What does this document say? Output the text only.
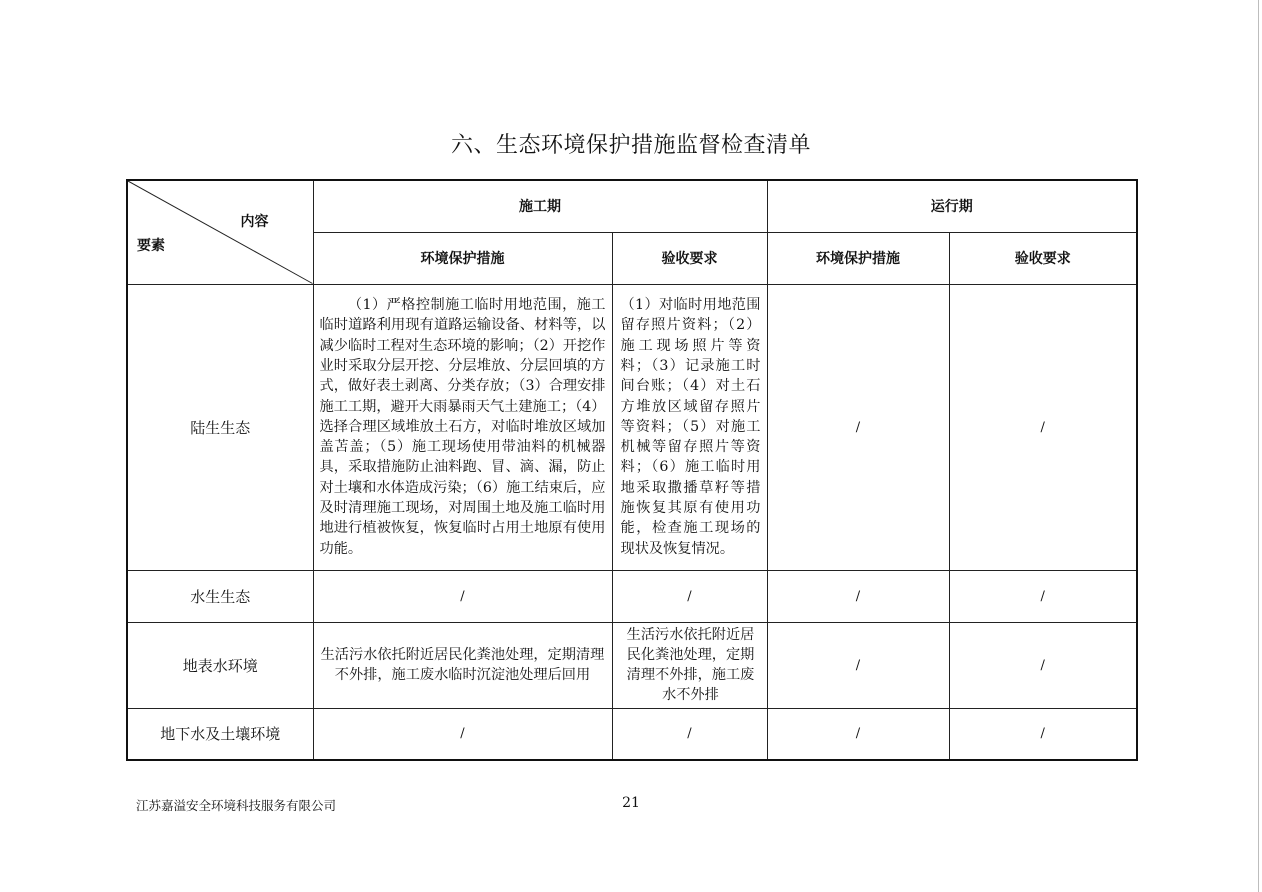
六、生态环境保护措施监督检查清单
内容
要素	施工期		运行期	
	环境保护措施	验收要求	环境保护措施	验收要求
陆生生态	（1）严格控制施工临时用地范围，施工临时道路利用现有道路运输设备、材料等，以减少临时工程对生态环境的影响；（2）开挖作业时采取分层开挖、分层堆放、分层回填的方式，做好表土剥离、分类存放；（3）合理安排施工工期，避开大雨暴雨天气土建施工；（4）选择合理区域堆放土石方，对临时堆放区域加盖苫盖；（5）施工现场使用带油料的机械器具，采取措施防止油料跑、冒、滴、漏，防止对土壤和水体造成污染；（6）施工结束后，应及时清理施工现场，对周围土地及施工临时用地进行植被恢复，恢复临时占用土地原有使用功能。	（1）对临时用地范围留存照片资料；（2）施工现场照片等资料；（3）记录施工时间台账；（4）对土石方堆放区域留存照片等资料；（5）对施工机械等留存照片等资料；（6）施工临时用地采取撒播草籽等措施恢复其原有使用功能，检查施工现场的现状及恢复情况。	/	/
水生生态	/	/	/	/
地表水环境	生活污水依托附近居民化粪池处理，定期清理不外排，施工废水临时沉淀池处理后回用	生活污水依托附近居民化粪池处理，定期清理不外排，施工废水不外排	/	/
地下水及土壤环境	/	/	/	/
江苏嘉溢安全环境科技服务有限公司	21
